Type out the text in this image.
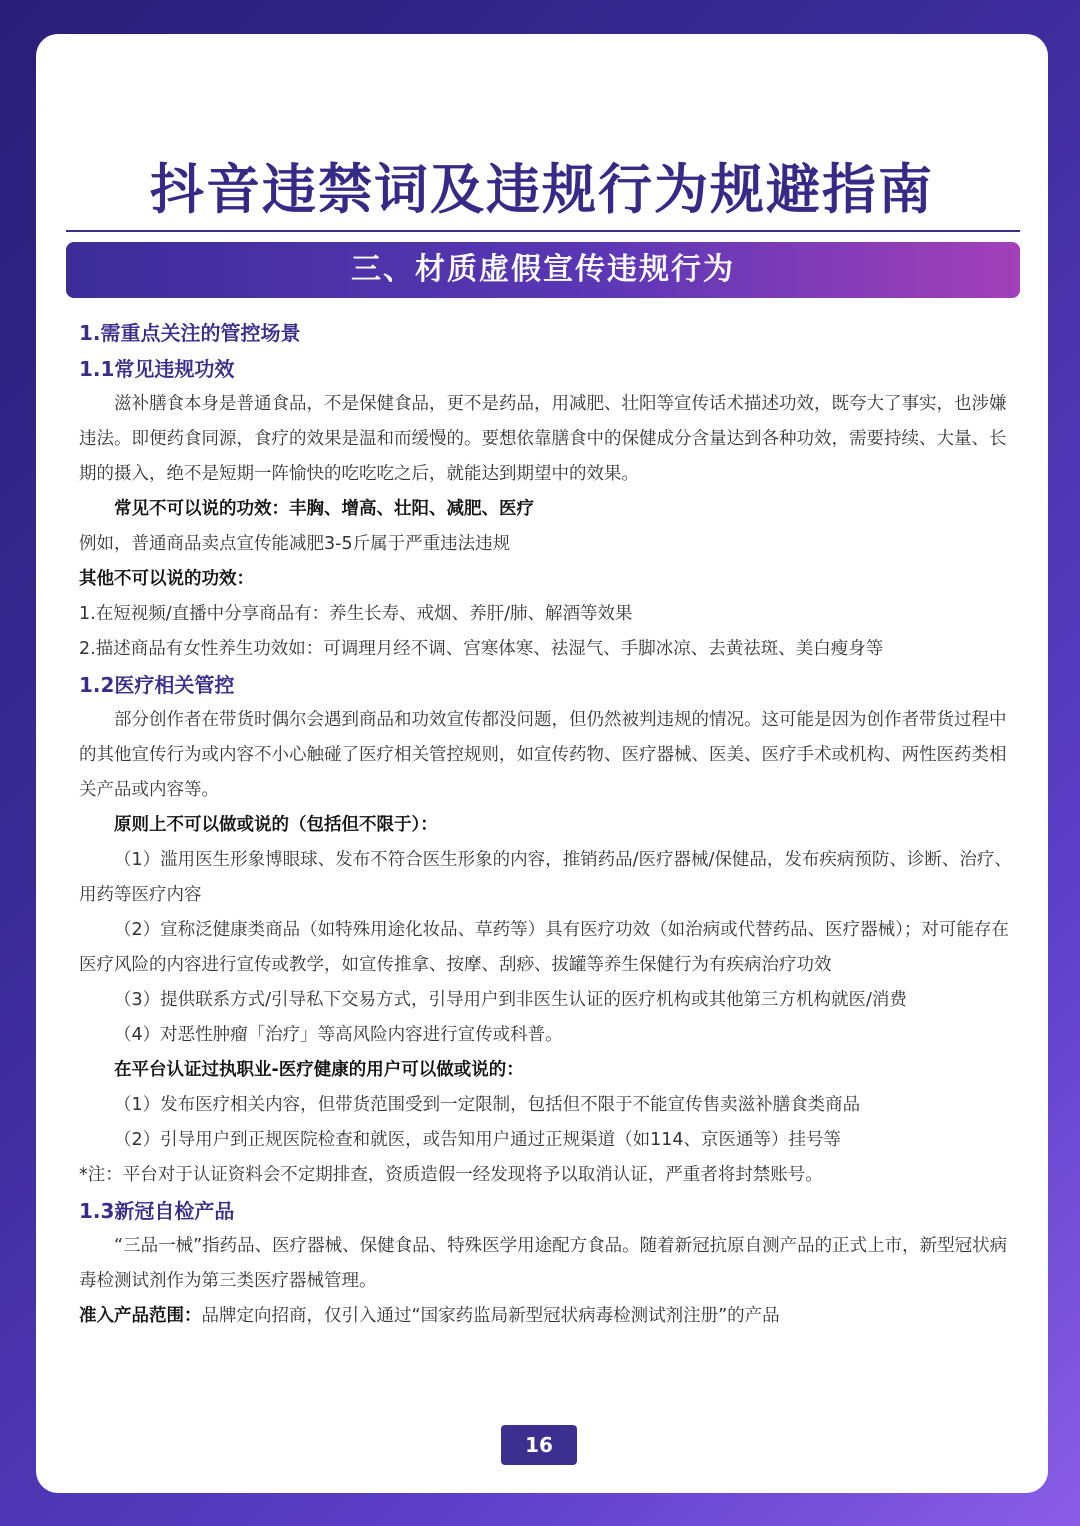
抖音违禁词及违规行为规避指南
三、材质虚假宣传违规行为
1.需重点关注的管控场景
1.1常见违规功效

滋补膳食本身是普通食品，不是保健食品，更不是药品，用减肥、壮阳等宣传话术描述功效，既夸大了事实，也涉嫌违法。即便药食同源，食疗的效果是温和而缓慢的。要想依靠膳食中的保健成分含量达到各种功效，需要持续、大量、长期的摄入，绝不是短期一阵愉快的吃吃吃之后，就能达到期望中的效果。

常见不可以说的功效：丰胸、增高、壮阳、减肥、医疗

例如，普通商品卖点宣传能减肥3-5斤属于严重违法违规

其他不可以说的功效：

1.在短视频/直播中分享商品有：养生长寿、戒烟、养肝/肺、解酒等效果

2.描述商品有女性养生功效如：可调理月经不调、宫寒体寒、祛湿气、手脚冰凉、去黄祛斑、美白瘦身等

1.2医疗相关管控

部分创作者在带货时偶尔会遇到商品和功效宣传都没问题，但仍然被判违规的情况。这可能是因为创作者带货过程中的其他宣传行为或内容不小心触碰了医疗相关管控规则，如宣传药物、医疗器械、医美、医疗手术或机构、两性医药类相关产品或内容等。

原则上不可以做或说的（包括但不限于）：

（1）滥用医生形象博眼球、发布不符合医生形象的内容，推销药品/医疗器械/保健品，发布疾病预防、诊断、治疗、用药等医疗内容

（2）宣称泛健康类商品（如特殊用途化妆品、草药等）具有医疗功效（如治病或代替药品、医疗器械）；对可能存在医疗风险的内容进行宣传或教学，如宣传推拿、按摩、刮痧、拔罐等养生保健行为有疾病治疗功效

（3）提供联系方式/引导私下交易方式，引导用户到非医生认证的医疗机构或其他第三方机构就医/消费

（4）对恶性肿瘤「治疗」等高风险内容进行宣传或科普。

在平台认证过执职业-医疗健康的用户可以做或说的：

（1）发布医疗相关内容，但带货范围受到一定限制，包括但不限于不能宣传售卖滋补膳食类商品

（2）引导用户到正规医院检查和就医，或告知用户通过正规渠道（如114、京医通等）挂号等

*注：平台对于认证资料会不定期排查，资质造假一经发现将予以取消认证，严重者将封禁账号。

1.3新冠自检产品

“三品一械”指药品、医疗器械、保健食品、特殊医学用途配方食品。随着新冠抗原自测产品的正式上市，新型冠状病毒检测试剂作为第三类医疗器械管理。

准入产品范围：品牌定向招商，仅引入通过“国家药监局新型冠状病毒检测试剂注册”的产品

16
